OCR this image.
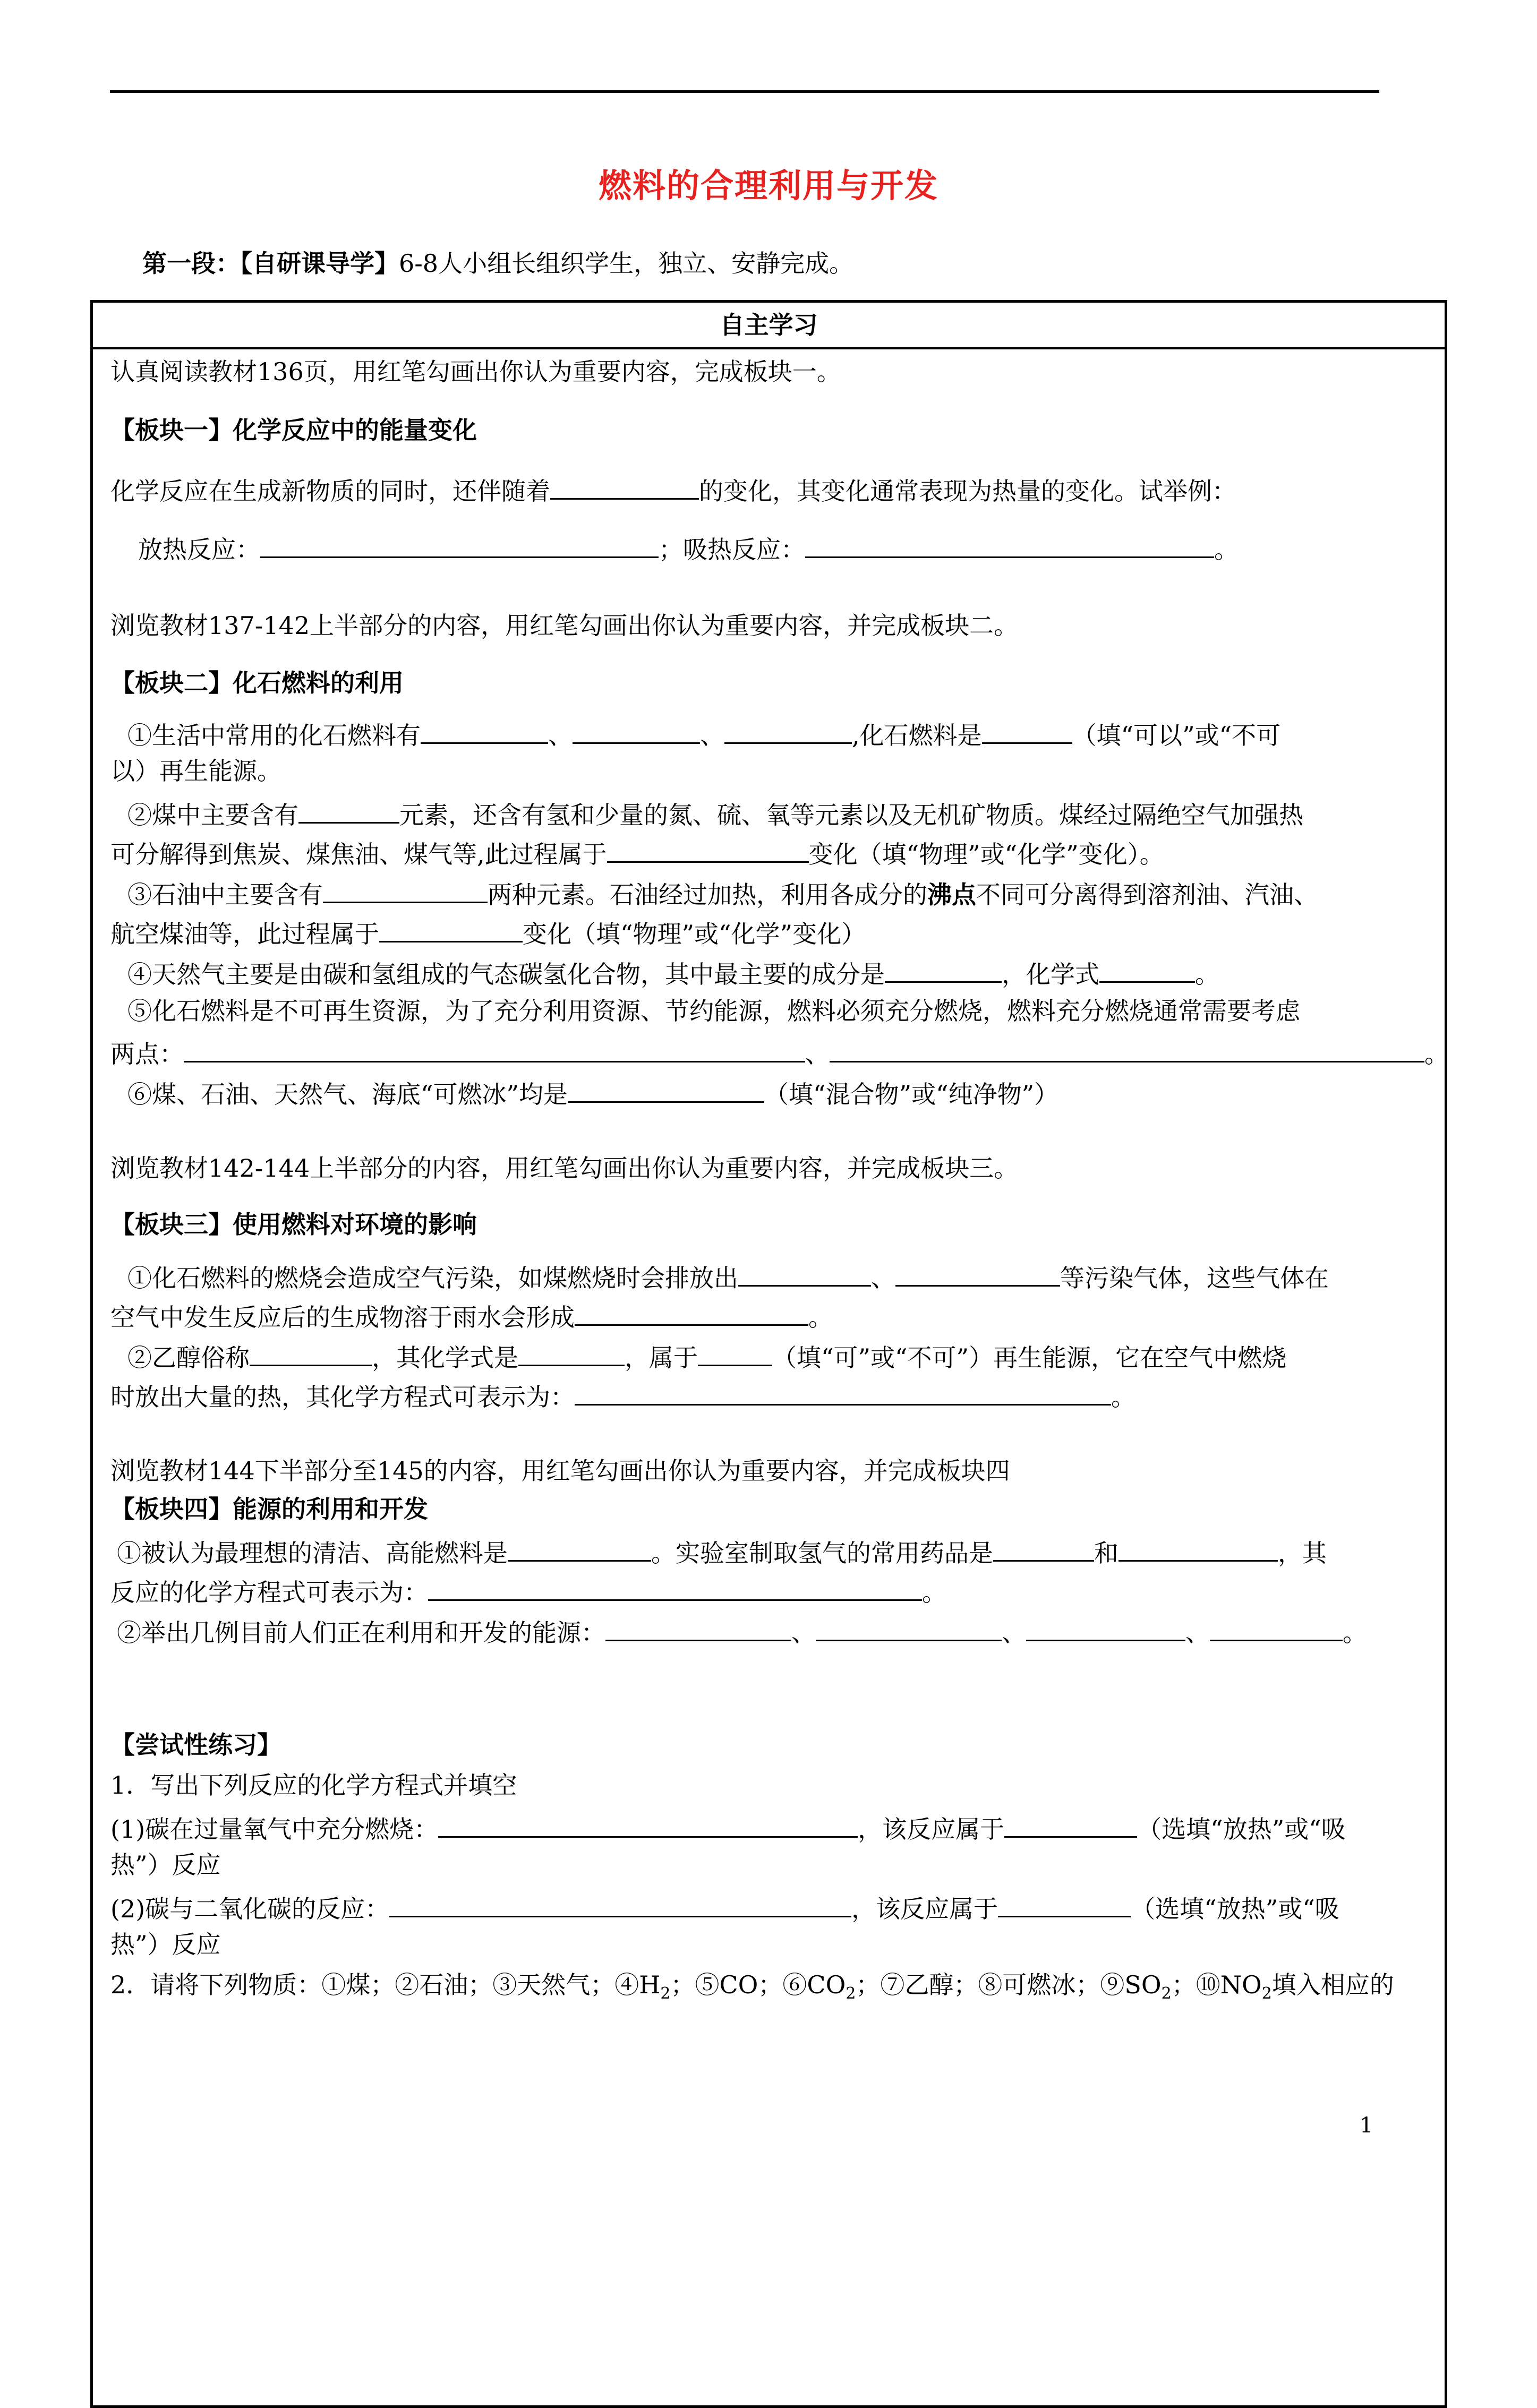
燃料的合理利用与开发
第一段：【自研课导学】6-8人小组长组织学生，独立、安静完成。
自主学习
认真阅读教材136页，用红笔勾画出你认为重要内容，完成板块一。
【板块一】化学反应中的能量变化
化学反应在生成新物质的同时，还伴随着	的变化，其变化通常表现为热量的变化。试举例：
放热反应：	；吸热反应：	。
浏览教材137-142上半部分的内容，用红笔勾画出你认为重要内容，并完成板块二。
【板块二】化石燃料的利用
①生活中常用的化石燃料有	、	、	,化石燃料是	（填“可以”或“不可
以）再生能源。
②煤中主要含有	元素，还含有氢和少量的氮、硫、氧等元素以及无机矿物质。煤经过隔绝空气加强热
可分解得到焦炭、煤焦油、煤气等,此过程属于	变化（填“物理”或“化学”变化）。
③石油中主要含有	两种元素。石油经过加热，利用各成分的沸点不同可分离得到溶剂油、汽油、
航空煤油等，此过程属于	变化（填“物理”或“化学”变化）
④天然气主要是由碳和氢组成的气态碳氢化合物，其中最主要的成分是	，化学式	。
⑤化石燃料是不可再生资源，为了充分利用资源、节约能源，燃料必须充分燃烧，燃料充分燃烧通常需要考虑
两点：	、	。
⑥煤、石油、天然气、海底“可燃冰”均是	（填“混合物”或“纯净物”）
浏览教材142-144上半部分的内容，用红笔勾画出你认为重要内容，并完成板块三。
【板块三】使用燃料对环境的影响
①化石燃料的燃烧会造成空气污染，如煤燃烧时会排放出	、	等污染气体，这些气体在
空气中发生反应后的生成物溶于雨水会形成	。
②乙醇俗称	，其化学式是	，属于	（填“可”或“不可”）再生能源，它在空气中燃烧
时放出大量的热，其化学方程式可表示为：	。
浏览教材144下半部分至145的内容，用红笔勾画出你认为重要内容，并完成板块四
【板块四】能源的利用和开发
①被认为最理想的清洁、高能燃料是	。实验室制取氢气的常用药品是	和	，其
反应的化学方程式可表示为：	。
②举出几例目前人们正在利用和开发的能源：	、	、	、	。
【尝试性练习】
1．写出下列反应的化学方程式并填空
(1)碳在过量氧气中充分燃烧：	，该反应属于	（选填“放热”或“吸
热”）反应
(2)碳与二氧化碳的反应：	，该反应属于	（选填“放热”或“吸
热”）反应
2．请将下列物质：①煤；②石油；③天然气；$④H_2$；⑤CO；$⑥CO_2$；⑦乙醇；⑧可燃冰；$⑨SO_2$；$⑩NO_2$填入相应的
1
